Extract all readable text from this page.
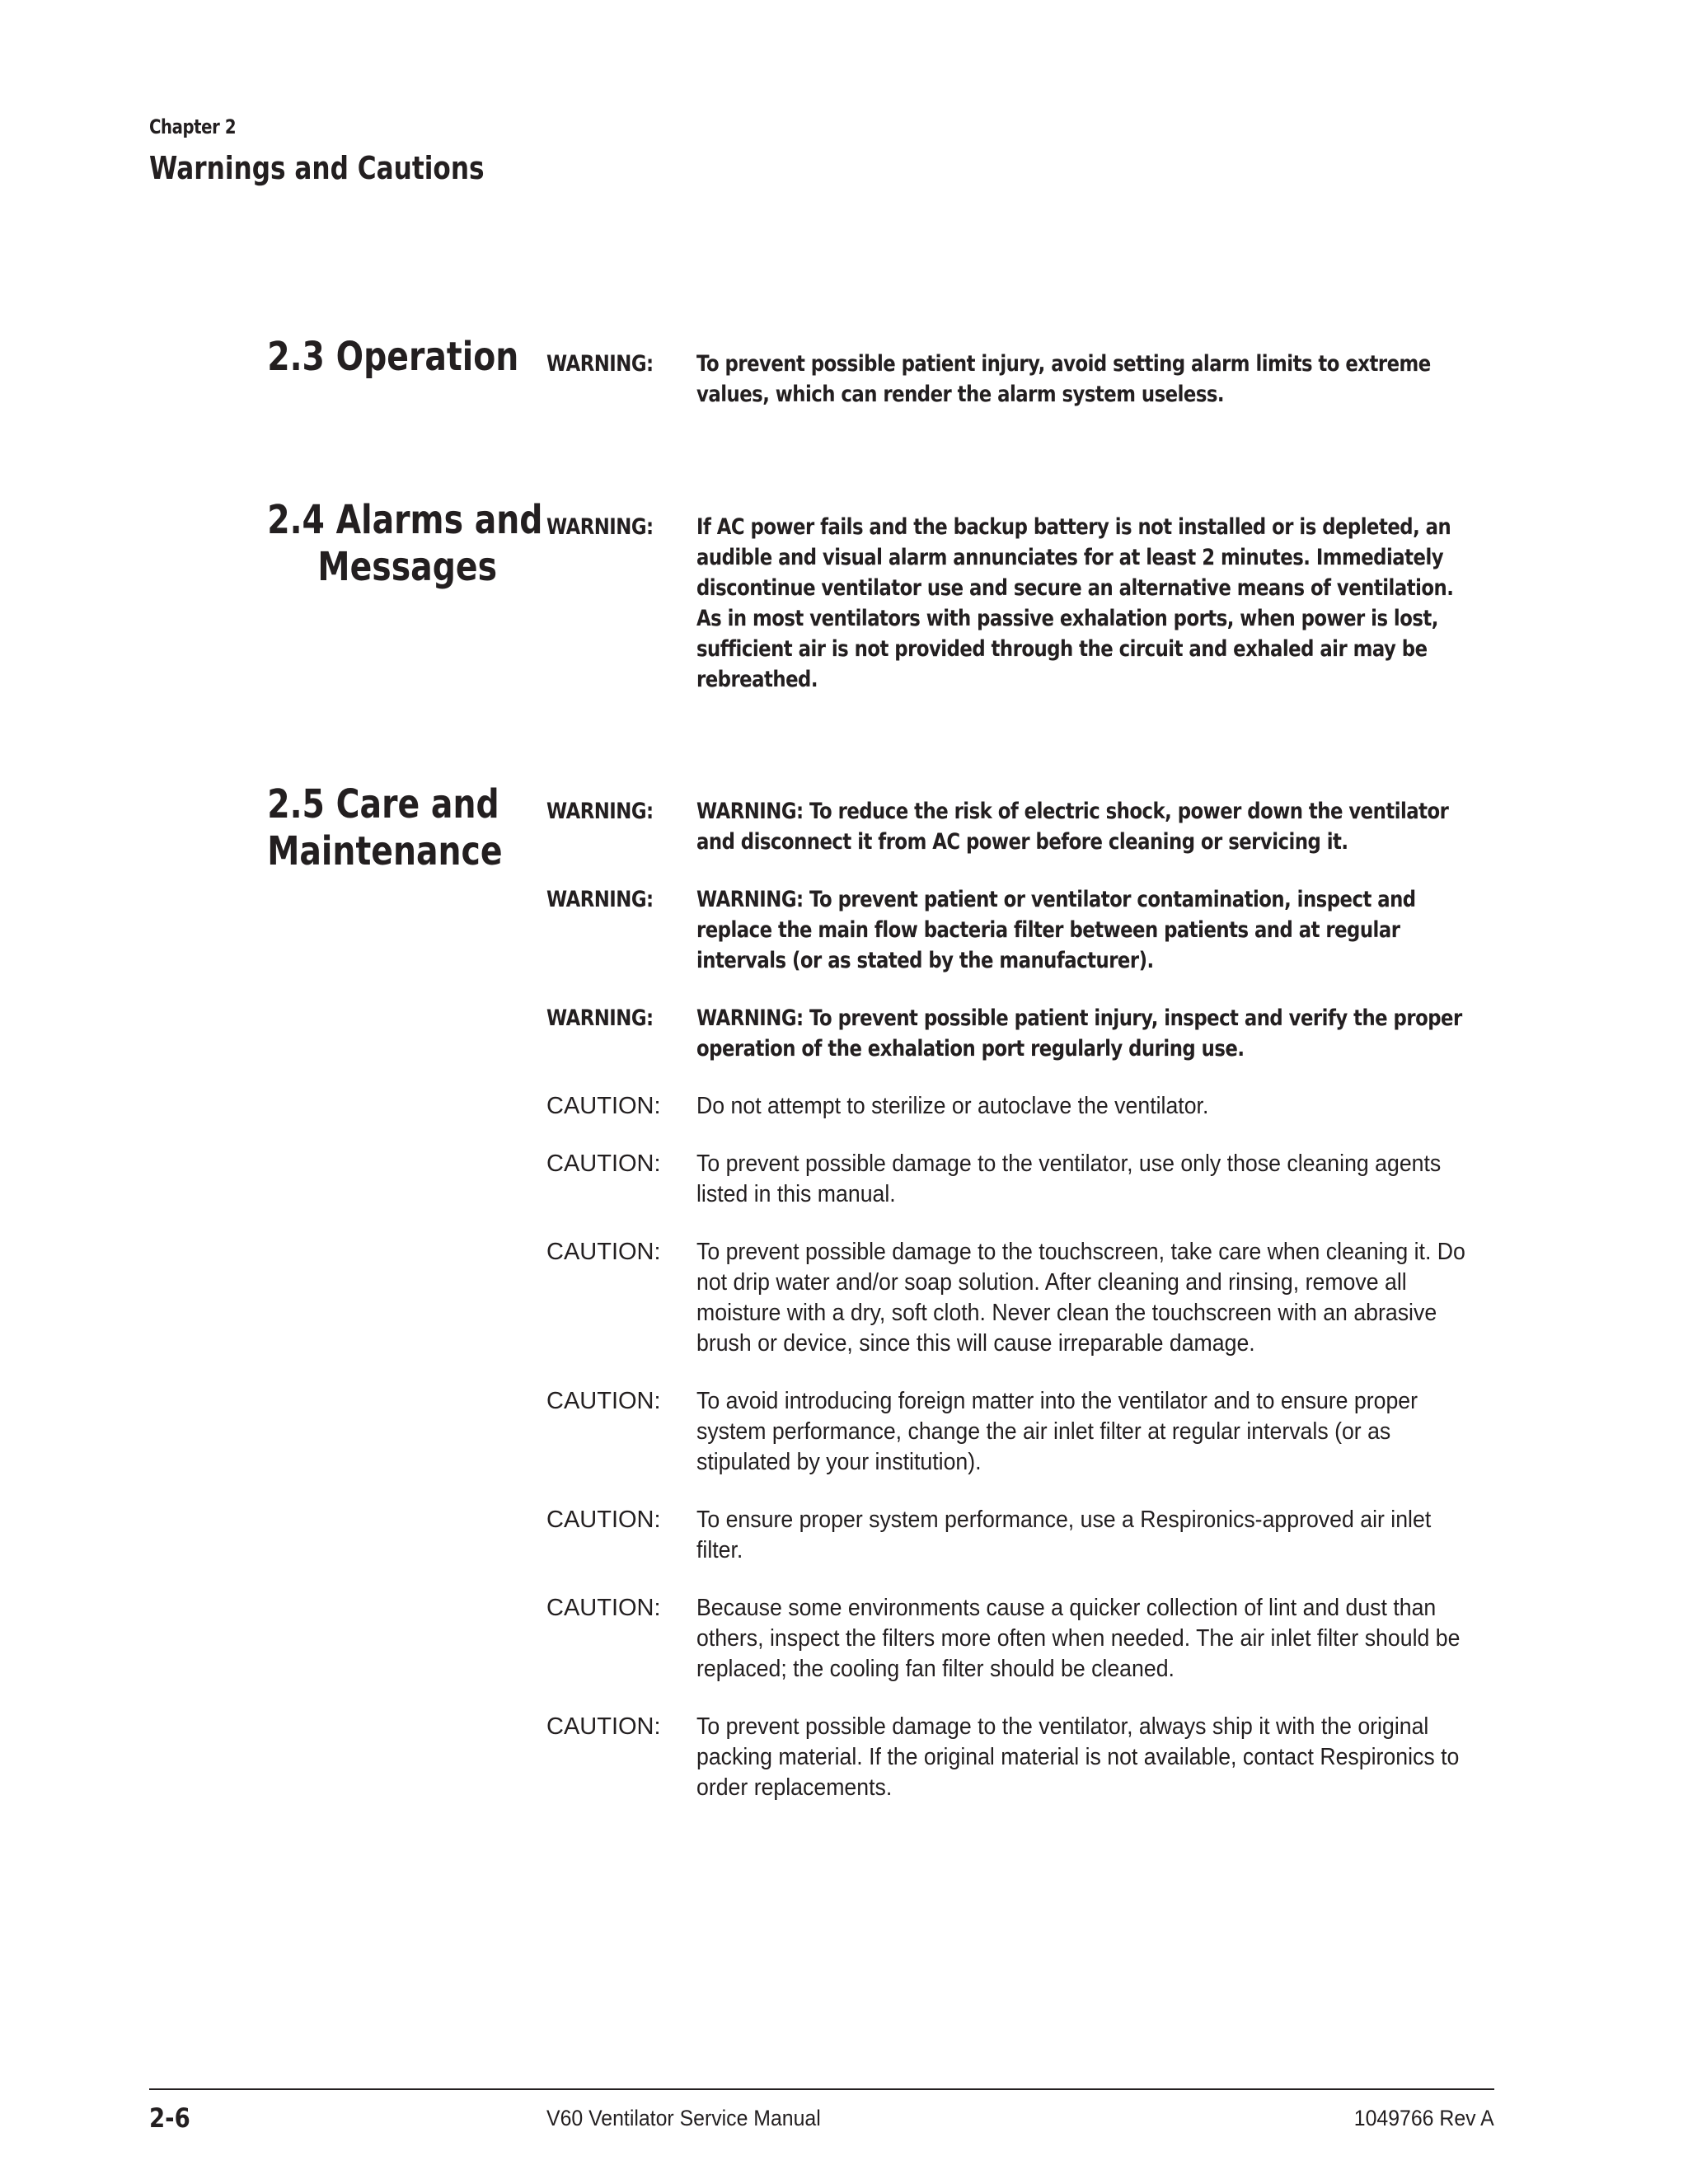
Chapter 2
Warnings and Cautions
2.3 Operation WARNING: To prevent possible patient injury, avoid setting alarm limits to extreme values, which can render the alarm system useless.
2.4 Alarms and
Messages
WARNING: If AC power fails and the backup battery is not installed or is depleted, an audible and visual alarm annunciates for at least 2 minutes. Immediately discontinue ventilator use and secure an alternative means of ventilation. As in most ventilators with passive exhalation ports, when power is lost, sufficient air is not provided through the circuit and exhaled air may be rebreathed.
2.5 Care and
Maintenance
WARNING: WARNING: To reduce the risk of electric shock, power down the ventilator and disconnect it from AC power before cleaning or servicing it.
WARNING: WARNING: To prevent patient or ventilator contamination, inspect and replace the main flow bacteria filter between patients and at regular intervals (or as stated by the manufacturer).
WARNING: WARNING: To prevent possible patient injury, inspect and verify the proper operation of the exhalation port regularly during use.
CAUTION: Do not attempt to sterilize or autoclave the ventilator.
CAUTION: To prevent possible damage to the ventilator, use only those cleaning agents listed in this manual.
CAUTION: To prevent possible damage to the touchscreen, take care when cleaning it. Do not drip water and/or soap solution. After cleaning and rinsing, remove all moisture with a dry, soft cloth. Never clean the touchscreen with an abrasive brush or device, since this will cause irreparable damage.
CAUTION: To avoid introducing foreign matter into the ventilator and to ensure proper system performance, change the air inlet filter at regular intervals (or as stipulated by your institution).
CAUTION: To ensure proper system performance, use a Respironics-approved air inlet filter.
CAUTION: Because some environments cause a quicker collection of lint and dust than others, inspect the filters more often when needed. The air inlet filter should be replaced; the cooling fan filter should be cleaned.
CAUTION: To prevent possible damage to the ventilator, always ship it with the original packing material. If the original material is not available, contact Respironics to order replacements.
2-6	V60 Ventilator Service Manual	1049766 Rev A
